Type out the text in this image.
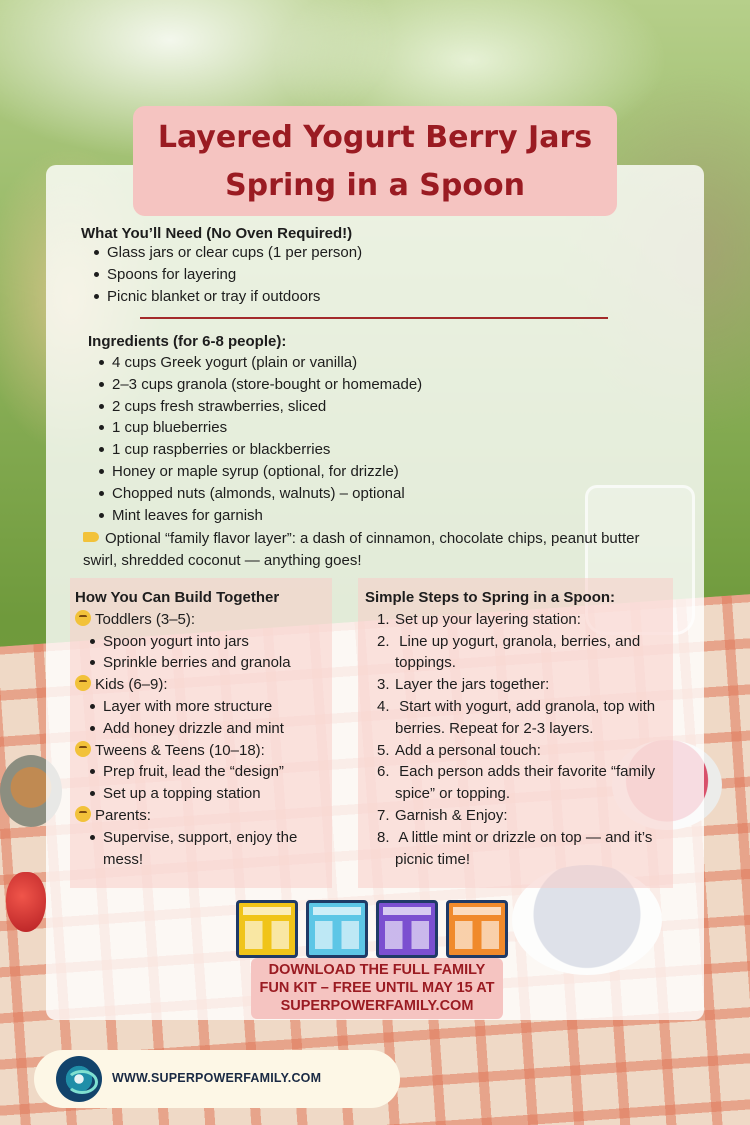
Layered Yogurt Berry Jars
Spring in a Spoon
What You’ll Need (No Oven Required!)
Glass jars or clear cups (1 per person)
Spoons for layering
Picnic blanket or tray if outdoors
Ingredients (for 6-8 people):
4 cups Greek yogurt (plain or vanilla)
2–3 cups granola (store-bought or homemade)
2 cups fresh strawberries, sliced
1 cup blueberries
1 cup raspberries or blackberries
Honey or maple syrup (optional, for drizzle)
Chopped nuts (almonds, walnuts) – optional
Mint leaves for garnish
Optional “family flavor layer”: a dash of cinnamon, chocolate chips, peanut butter swirl, shredded coconut — anything goes!
How You Can Build Together
Toddlers (3–5):
Spoon yogurt into jars
Sprinkle berries and granola
Kids (6–9):
Layer with more structure
Add honey drizzle and mint
Tweens & Teens (10–18):
Prep fruit, lead the “design”
Set up a topping station
Parents:
Supervise, support, enjoy the mess!
Simple Steps to Spring in a Spoon:
1. Set up your layering station:
2. Line up yogurt, granola, berries, and toppings.
3. Layer the jars together:
4. Start with yogurt, add granola, top with berries. Repeat for 2-3 layers.
5. Add a personal touch:
6. Each person adds their favorite “family spice” or topping.
7. Garnish & Enjoy:
8. A little mint or drizzle on top — and it’s picnic time!
DOWNLOAD THE FULL FAMILY
FUN KIT – FREE UNTIL MAY 15 AT
SUPERPOWERFAMILY.COM
WWW.SUPERPOWERFAMILY.COM
